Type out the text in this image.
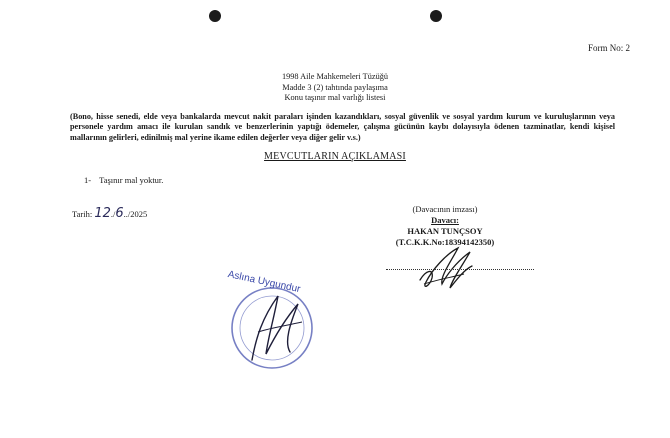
Form No: 2
1998 Aile Mahkemeleri Tüzüğü
Madde 3 (2) tahtında paylaşıma
Konu taşınır mal varlığı listesi
(Bono, hisse senedi, elde veya bankalarda mevcut nakit paraları işinden kazandıkları, sosyal güvenlik ve sosyal yardım kurum ve kuruluşlarının veya personele yardım amacı ile kurulan sandık ve benzerlerinin yaptığı ödemeler, çalışma gücünün kaybı dolayısıyla ödenen tazminatlar, kendi kişisel mallarının gelirleri, edinilmiş mal yerine ikame edilen değerler veya diğer gelir v.s.)
MEVCUTLARIN AÇIKLAMASI
1- Taşınır mal yoktur.
Tarih: 12./6../2025	(Davacının imzası)
Davacı:
HAKAN TUNÇSOY
(T.C.K.K.No:18394142350)
Aslına Uygundur
